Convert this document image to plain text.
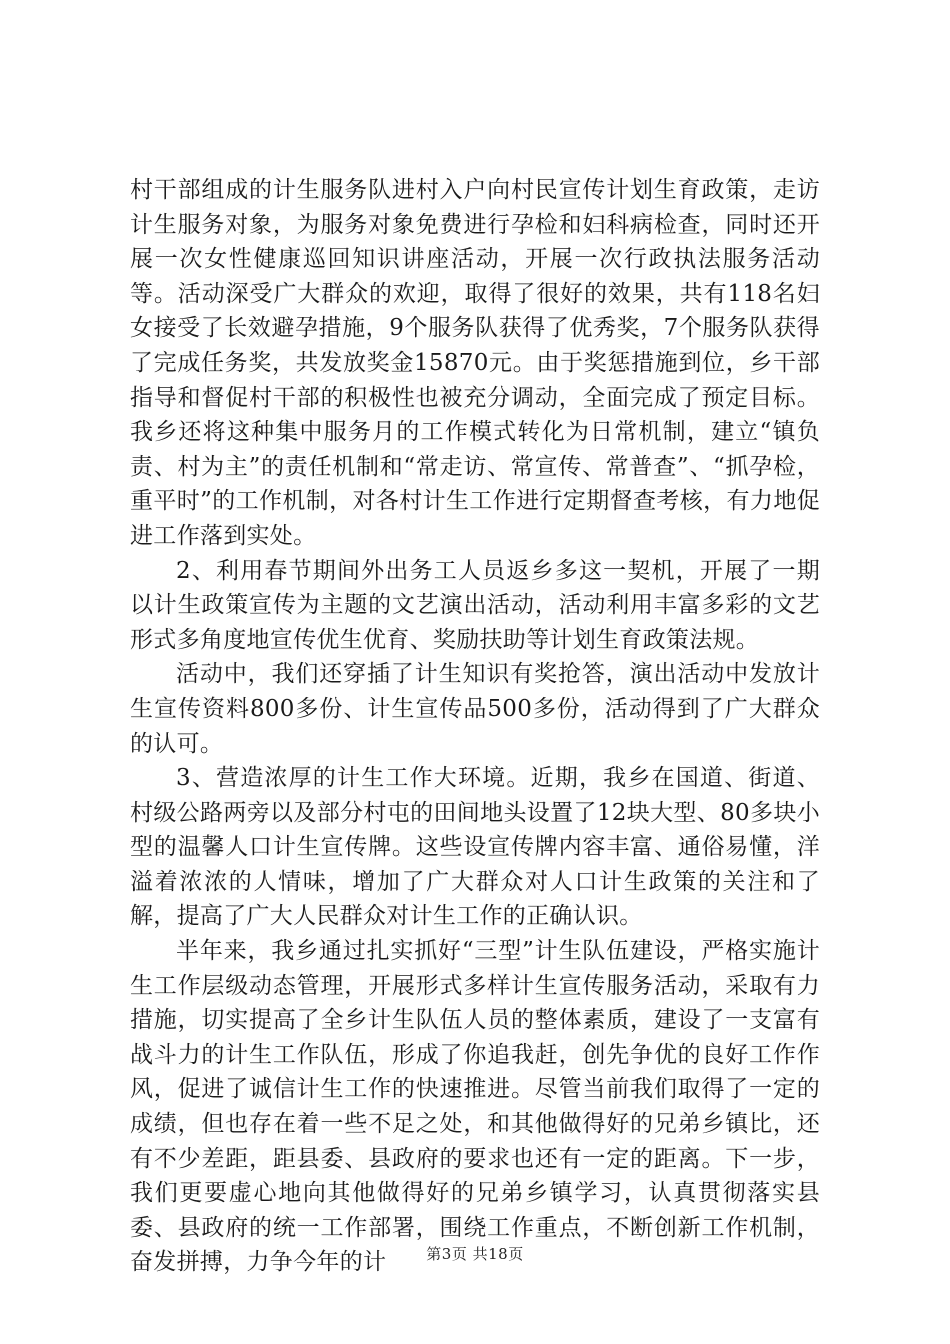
村干部组成的计生服务队进村入户向村民宣传计划生育政策，走访计生服务对象，为服务对象免费进行孕检和妇科病检查，同时还开展一次女性健康巡回知识讲座活动，开展一次行政执法服务活动等。活动深受广大群众的欢迎，取得了很好的效果，共有118名妇女接受了长效避孕措施，9个服务队获得了优秀奖，7个服务队获得了完成任务奖，共发放奖金15870元。由于奖惩措施到位，乡干部指导和督促村干部的积极性也被充分调动，全面完成了预定目标。我乡还将这种集中服务月的工作模式转化为日常机制，建立“镇负责、村为主”的责任机制和“常走访、常宣传、常普查”、“抓孕检，重平时”的工作机制，对各村计生工作进行定期督查考核，有力地促进工作落到实处。

2、利用春节期间外出务工人员返乡多这一契机，开展了一期以计生政策宣传为主题的文艺演出活动，活动利用丰富多彩的文艺形式多角度地宣传优生优育、奖励扶助等计划生育政策法规。

活动中，我们还穿插了计生知识有奖抢答，演出活动中发放计生宣传资料800多份、计生宣传品500多份，活动得到了广大群众的认可。

3、营造浓厚的计生工作大环境。近期，我乡在国道、街道、村级公路两旁以及部分村屯的田间地头设置了12块大型、80多块小型的温馨人口计生宣传牌。这些设宣传牌内容丰富、通俗易懂，洋溢着浓浓的人情味，增加了广大群众对人口计生政策的关注和了解，提高了广大人民群众对计生工作的正确认识。

半年来，我乡通过扎实抓好“三型”计生队伍建设，严格实施计生工作层级动态管理，开展形式多样计生宣传服务活动，采取有力措施，切实提高了全乡计生队伍人员的整体素质，建设了一支富有战斗力的计生工作队伍，形成了你追我赶，创先争优的良好工作作风，促进了诚信计生工作的快速推进。尽管当前我们取得了一定的成绩，但也存在着一些不足之处，和其他做得好的兄弟乡镇比，还有不少差距，距县委、县政府的要求也还有一定的距离。下一步，我们更要虚心地向其他做得好的兄弟乡镇学习，认真贯彻落实县委、县政府的统一工作部署，围绕工作重点，不断创新工作机制，奋发拼搏，力争今年的计	第3页 共18页
